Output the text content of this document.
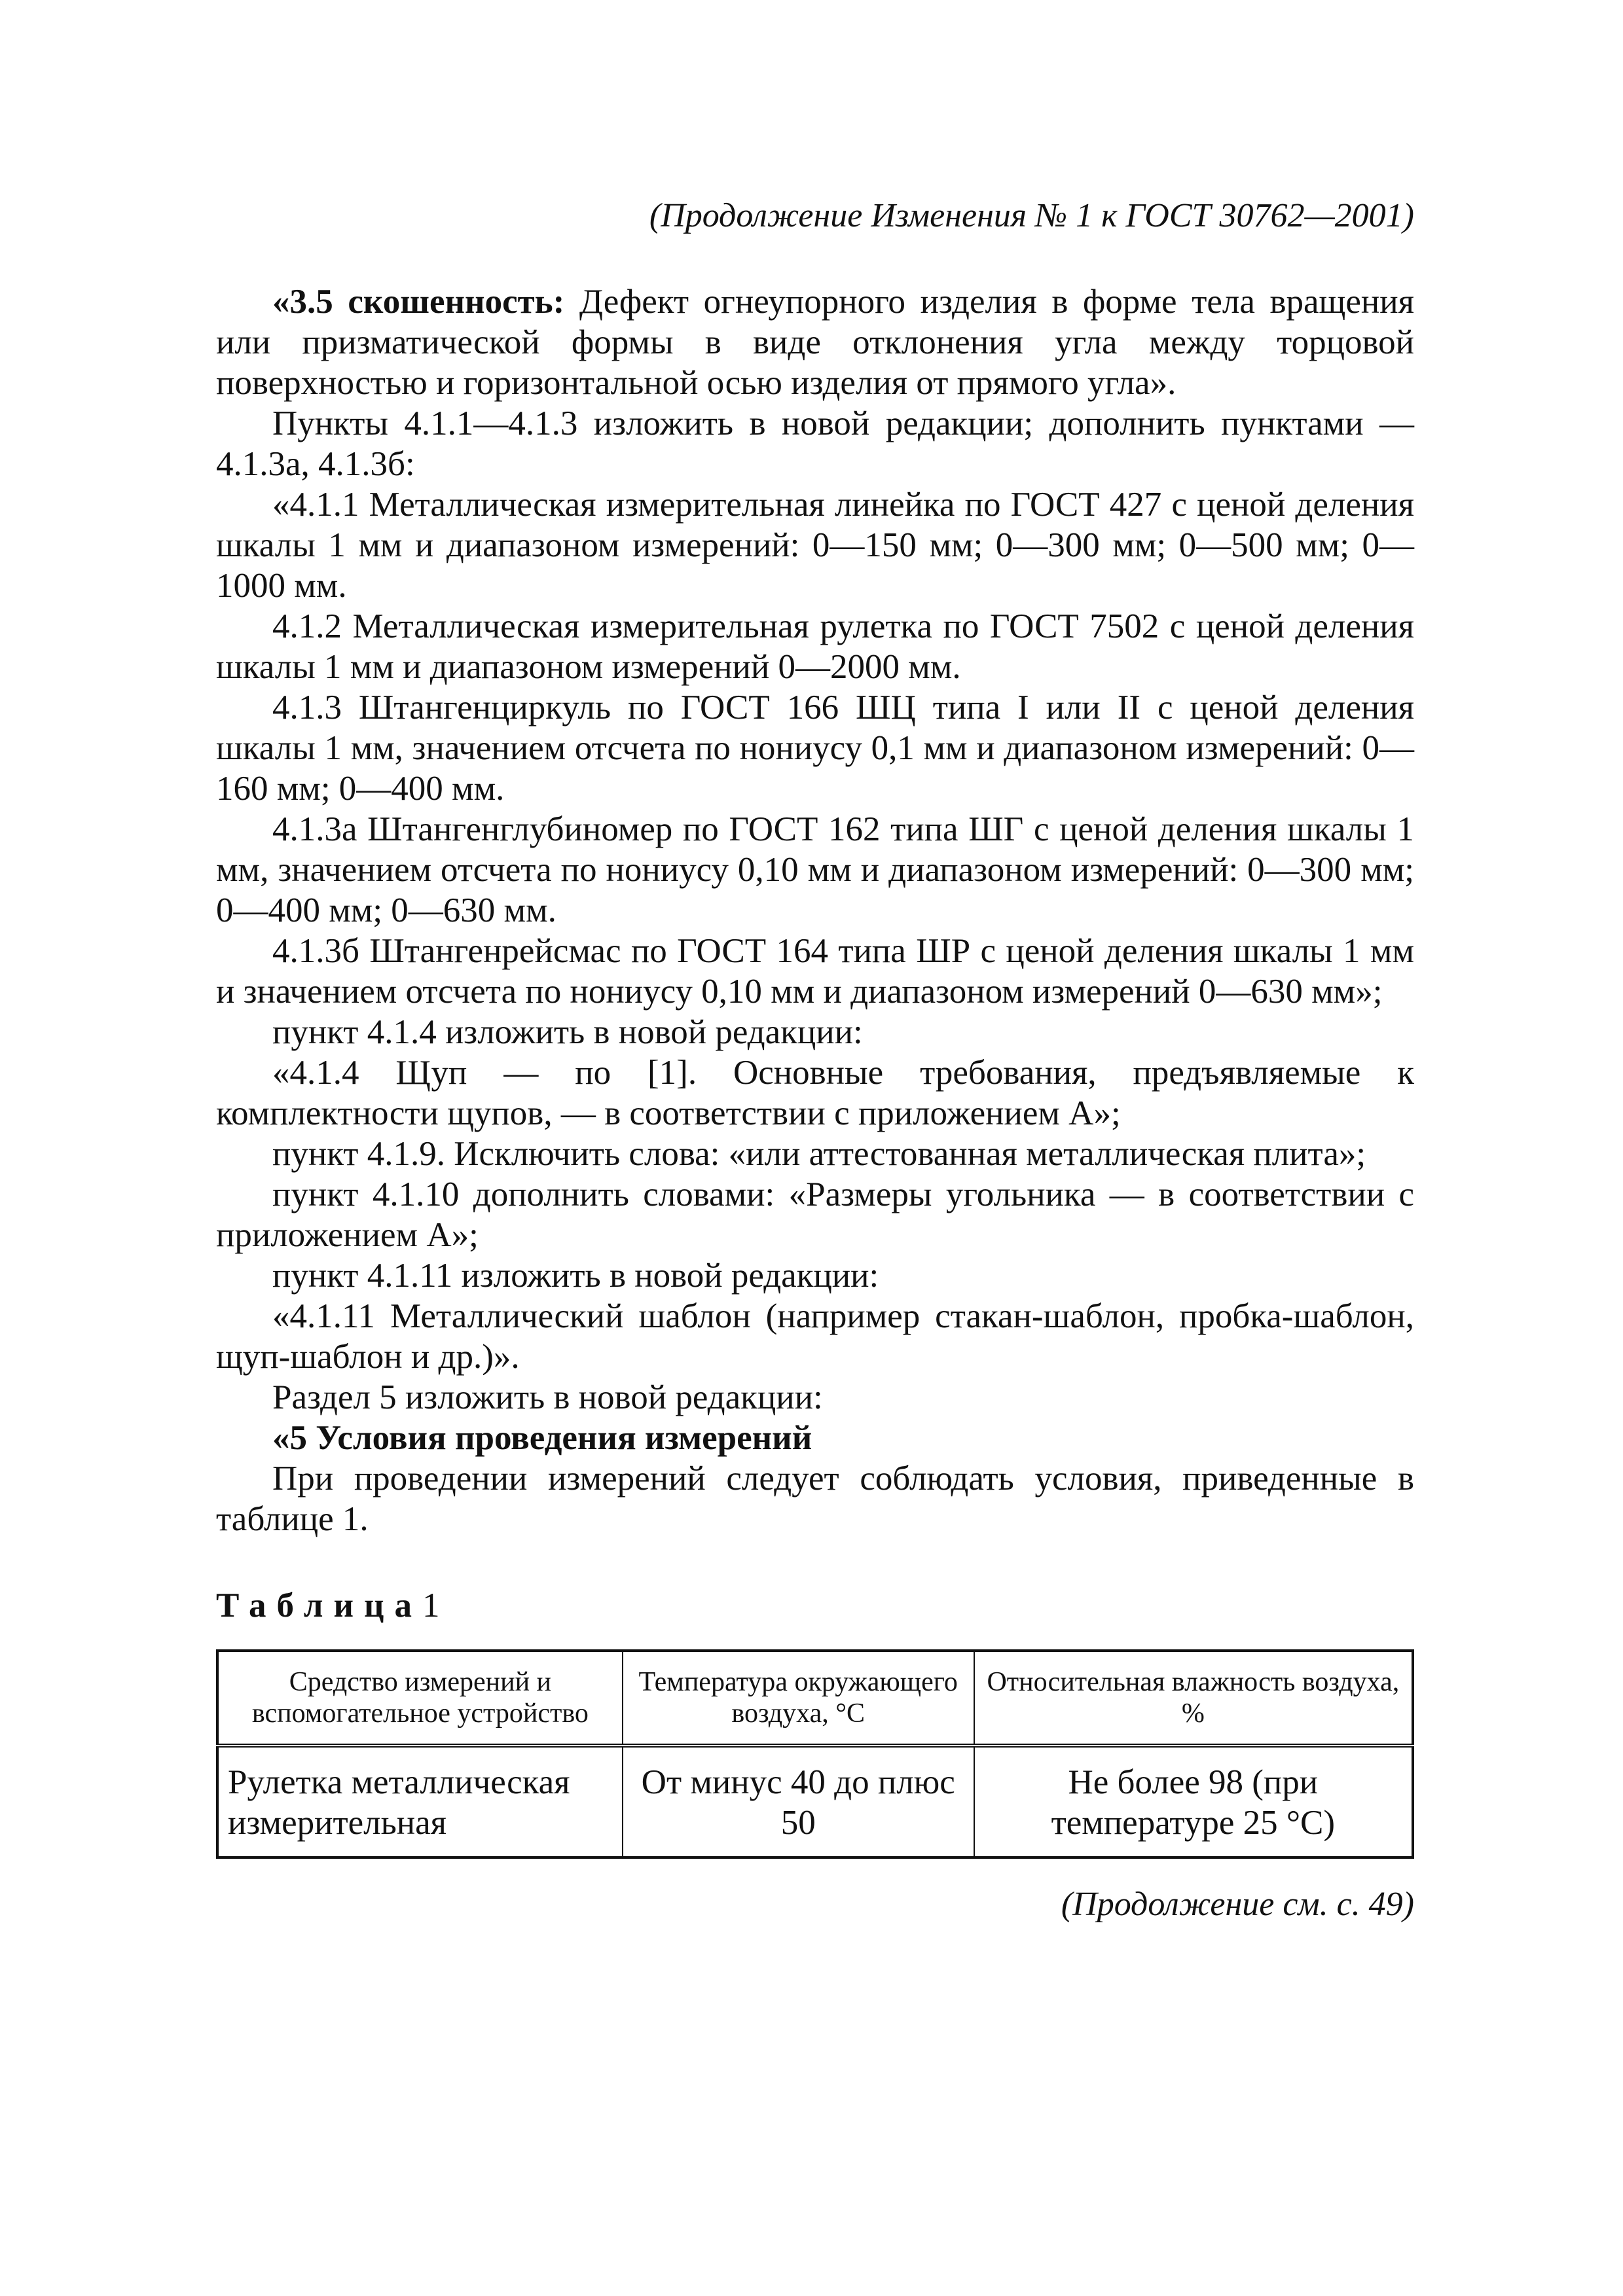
(Продолжение Изменения № 1 к ГОСТ 30762—2001)

«3.5 скошенность: Дефект огнеупорного изделия в форме тела вращения или призматической формы в виде отклонения угла между торцовой поверхностью и горизонтальной осью изделия от прямого угла».

Пункты 4.1.1—4.1.3 изложить в новой редакции; дополнить пунктами — 4.1.3а, 4.1.3б:

«4.1.1 Металлическая измерительная линейка по ГОСТ 427 с ценой деления шкалы 1 мм и диапазоном измерений: 0—150 мм; 0—300 мм; 0—500 мм; 0—1000 мм.

4.1.2 Металлическая измерительная рулетка по ГОСТ 7502 с ценой деления шкалы 1 мм и диапазоном измерений 0—2000 мм.

4.1.3 Штангенциркуль по ГОСТ 166 ШЦ типа I или II с ценой деления шкалы 1 мм, значением отсчета по нониусу 0,1 мм и диапазоном измерений: 0—160 мм; 0—400 мм.

4.1.3а Штангенглубиномер по ГОСТ 162 типа ШГ с ценой деления шкалы 1 мм, значением отсчета по нониусу 0,10 мм и диапазоном измерений: 0—300 мм; 0—400 мм; 0—630 мм.

4.1.3б Штангенрейсмас по ГОСТ 164 типа ШР с ценой деления шкалы 1 мм и значением отсчета по нониусу 0,10 мм и диапазоном измерений 0—630 мм»;

пункт 4.1.4 изложить в новой редакции:

«4.1.4 Щуп — по [1]. Основные требования, предъявляемые к комплектности щупов, — в соответствии с приложением А»;

пункт 4.1.9. Исключить слова: «или аттестованная металлическая плита»;

пункт 4.1.10 дополнить словами: «Размеры угольника — в соответствии с приложением А»;

пункт 4.1.11 изложить в новой редакции:

«4.1.11 Металлический шаблон (например стакан-шаблон, пробка-шаблон, щуп-шаблон и др.)».

Раздел 5 изложить в новой редакции:

«5 Условия проведения измерений

При проведении измерений следует соблюдать условия, приведенные в таблице 1.

Таблица1
Средство измерений и вспомогательное устройство	Температура окружающего воздуха, °С	Относительная влажность воздуха, %
Рулетка металлическая измерительная	От минус 40 до плюс 50	Не более 98 (при температуре 25 °С)
(Продолжение см. с. 49)
